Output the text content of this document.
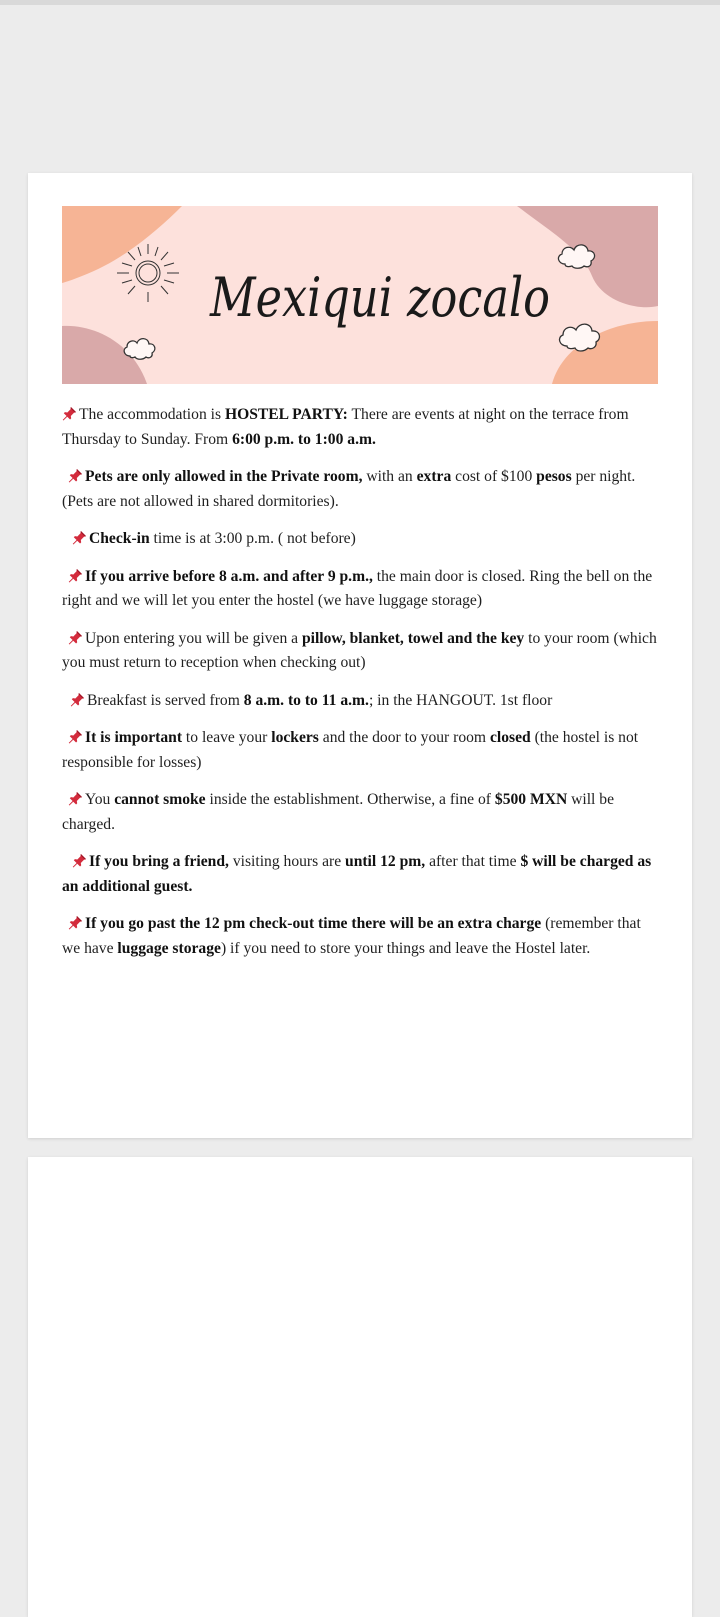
Mexiqui zocalo

The accommodation is HOSTEL PARTY: There are events at night on the terrace from Thursday to Sunday. From 6:00 p.m. to 1:00 a.m.

Pets are only allowed in the Private room, with an extra cost of $100 pesos per night. (Pets are not allowed in shared dormitories).

Check-in time is at 3:00 p.m. ( not before)

If you arrive before 8 a.m. and after 9 p.m., the main door is closed. Ring the bell on the right and we will let you enter the hostel (we have luggage storage)

Upon entering you will be given a pillow, blanket, towel and the key to your room (which you must return to reception when checking out)

Breakfast is served from 8 a.m. to to 11 a.m.; in the HANGOUT. 1st floor

It is important to leave your lockers and the door to your room closed (the hostel is not responsible for losses)

You cannot smoke inside the establishment. Otherwise, a fine of $500 MXN will be charged.

If you bring a friend, visiting hours are until 12 pm, after that time $ will be charged as an additional guest.

If you go past the 12 pm check-out time there will be an extra charge (remember that we have luggage storage) if you need to store your things and leave the Hostel later.
